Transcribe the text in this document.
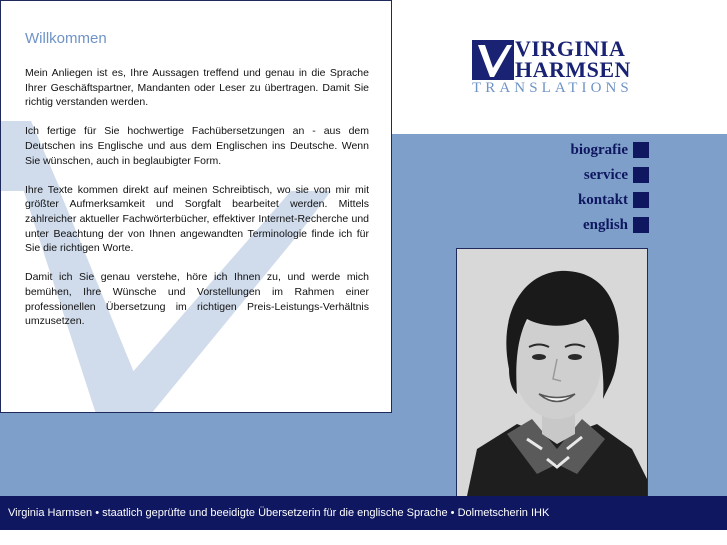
Willkommen

Mein Anliegen ist es, Ihre Aussagen treffend und genau in die Sprache Ihrer Geschäftspartner, Mandanten oder Leser zu übertragen. Damit Sie richtig verstanden werden.

Ich fertige für Sie hochwertige Fachübersetzungen an - aus dem Deutschen ins Englische und aus dem Englischen ins Deutsche. Wenn Sie wünschen, auch in beglaubigter Form.

Ihre Texte kommen direkt auf meinen Schreibtisch, wo sie von mir mit größter Aufmerksamkeit und Sorgfalt bearbeitet werden. Mittels zahlreicher aktueller Fachwörterbücher, effektiver Internet-Recherche und unter Beachtung der von Ihnen angewandten Terminologie finde ich für Sie die richtigen Worte.

Damit ich Sie genau verstehe, höre ich Ihnen zu, und werde mich bemühen, Ihre Wünsche und Vorstellungen im Rahmen einer professionellen Übersetzung im richtigen Preis-Leistungs-Verhältnis umzusetzen.

VIRGINIA
HARMSEN
TRANSLATIONS
biografie
service
kontakt
english
Virginia Harmsen • staatlich geprüfte und beeidigte Übersetzerin für die englische Sprache • Dolmetscherin IHK
